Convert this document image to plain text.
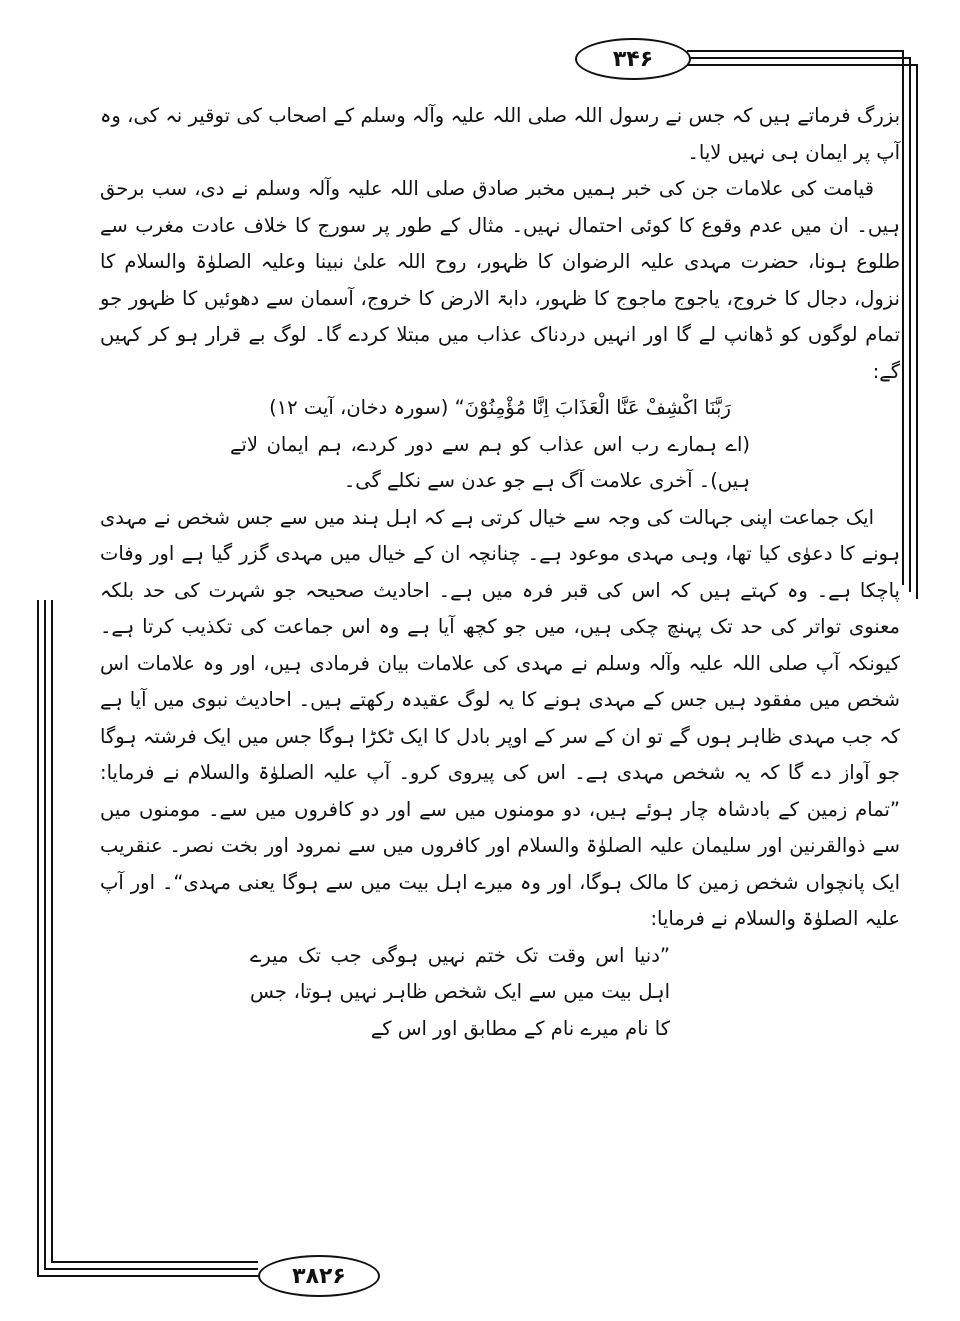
۳۴۶
۳۸۲۶

بزرگ فرماتے ہیں کہ جس نے رسول اللہ صلی اللہ علیہ وآلہ وسلم کے اصحاب کی توقیر نہ کی، وہ آپ پر ایمان ہی نہیں لایا۔

قیامت کی علامات جن کی خبر ہمیں مخبر صادق صلی اللہ علیہ وآلہ وسلم نے دی، سب برحق ہیں۔ ان میں عدم وقوع کا کوئی احتمال نہیں۔ مثال کے طور پر سورج کا خلاف عادت مغرب سے طلوع ہونا، حضرت مہدی علیہ الرضوان کا ظہور، روح اللہ علیٰ نبینا وعلیہ الصلوٰۃ والسلام کا نزول، دجال کا خروج، یاجوج ماجوج کا ظہور، دابۃ الارض کا خروج، آسمان سے دھوئیں کا ظہور جو تمام لوگوں کو ڈھانپ لے گا اور انہیں دردناک عذاب میں مبتلا کردے گا۔ لوگ بے قرار ہو کر کہیں گے:

رَبَّنَا اکْشِفْ عَنَّا الْعَذَابَ اِنَّا مُؤْمِنُوْنَ“ (سورہ دخان، آیت ۱۲)

(اے ہمارے رب اس عذاب کو ہم سے دور کردے، ہم ایمان لاتے ہیں)۔ آخری علامت آگ ہے جو عدن سے نکلے گی۔

ایک جماعت اپنی جہالت کی وجہ سے خیال کرتی ہے کہ اہل ہند میں سے جس شخص نے مہدی ہونے کا دعوٰی کیا تھا، وہی مہدی موعود ہے۔ چنانچہ ان کے خیال میں مہدی گزر گیا ہے اور وفات پاچکا ہے۔ وہ کہتے ہیں کہ اس کی قبر فرہ میں ہے۔ احادیث صحیحہ جو شہرت کی حد بلکہ معنوی تواتر کی حد تک پہنچ چکی ہیں، میں جو کچھ آیا ہے وہ اس جماعت کی تکذیب کرتا ہے۔ کیونکہ آپ صلی اللہ علیہ وآلہ وسلم نے مہدی کی علامات بیان فرمادی ہیں، اور وہ علامات اس شخص میں مفقود ہیں جس کے مہدی ہونے کا یہ لوگ عقیدہ رکھتے ہیں۔ احادیث نبوی میں آیا ہے کہ جب مہدی ظاہر ہوں گے تو ان کے سر کے اوپر بادل کا ایک ٹکڑا ہوگا جس میں ایک فرشتہ ہوگا جو آواز دے گا کہ یہ شخص مہدی ہے۔ اس کی پیروی کرو۔ آپ علیہ الصلوٰۃ والسلام نے فرمایا: ”تمام زمین کے بادشاہ چار ہوئے ہیں، دو مومنوں میں سے اور دو کافروں میں سے۔ مومنوں میں سے ذوالقرنین اور سلیمان علیہ الصلوٰۃ والسلام اور کافروں میں سے نمرود اور بخت نصر۔ عنقریب ایک پانچواں شخص زمین کا مالک ہوگا، اور وہ میرے اہل بیت میں سے ہوگا یعنی مہدی“۔ اور آپ علیہ الصلوٰۃ والسلام نے فرمایا:

”دنیا اس وقت تک ختم نہیں ہوگی جب تک میرے اہل بیت میں سے ایک شخص ظاہر نہیں ہوتا، جس کا نام میرے نام کے مطابق اور اس کے
